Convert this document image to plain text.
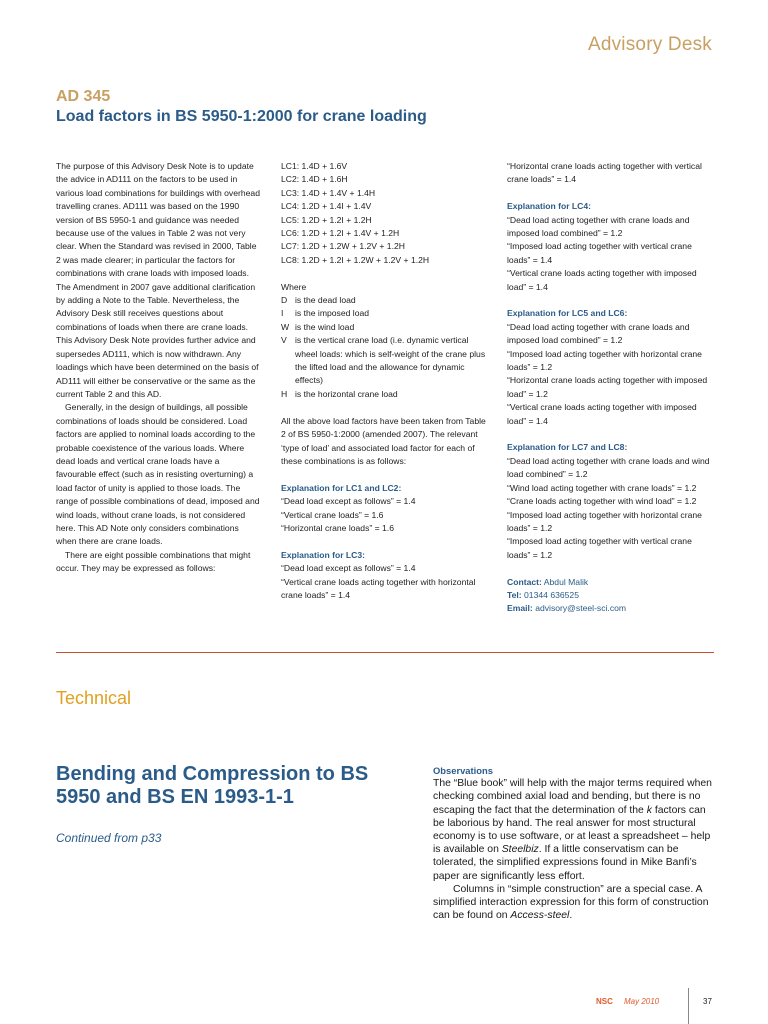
Advisory Desk
AD 345
Load factors in BS 5950-1:2000 for crane loading

The purpose of this Advisory Desk Note is to update the advice in AD111 on the factors to be used in various load combinations for buildings with overhead travelling cranes. AD111 was based on the 1990 version of BS 5950-1 and guidance was needed because use of the values in Table 2 was not very clear. When the Standard was revised in 2000, Table 2 was made clearer; in particular the factors for combinations with crane loads with imposed loads. The Amendment in 2007 gave additional clarification by adding a Note to the Table. Nevertheless, the Advisory Desk still receives questions about combinations of loads when there are crane loads. This Advisory Desk Note provides further advice and supersedes AD111, which is now withdrawn. Any loadings which have been determined on the basis of AD111 will either be conservative or the same as the current Table 2 and this AD.

Generally, in the design of buildings, all possible combinations of loads should be considered. Load factors are applied to nominal loads according to the probable coexistence of the various loads. Where dead loads and vertical crane loads have a favourable effect (such as in resisting overturning) a load factor of unity is applied to those loads. The range of possible combinations of dead, imposed and wind loads, without crane loads, is not considered here. This AD Note only considers combinations when there are crane loads.

There are eight possible combinations that might occur. They may be expressed as follows:

LC1: 1.4D + 1.6V

LC2: 1.4D + 1.6H

LC3: 1.4D + 1.4V + 1.4H

LC4: 1.2D + 1.4I + 1.4V

LC5: 1.2D + 1.2I + 1.2H

LC6: 1.2D + 1.2I + 1.4V + 1.2H

LC7: 1.2D + 1.2W + 1.2V + 1.2H

LC8: 1.2D + 1.2I + 1.2W + 1.2V + 1.2H

Where

D is the dead load
I	is the imposed load
W is the wind load
V is the vertical crane load (i.e. dynamic vertical wheel loads: which is self-weight of the crane plus the lifted load and the allowance for dynamic effects)
H is the horizontal crane load

All the above load factors have been taken from Table 2 of BS 5950-1:2000 (amended 2007). The relevant ‘type of load’ and associated load factor for each of these combinations is as follows:

Explanation for LC1 and LC2:

“Dead load except as follows” = 1.4

“Vertical crane loads” = 1.6

“Horizontal crane loads” = 1.6

Explanation for LC3:

“Dead load except as follows” = 1.4

“Vertical crane loads acting together with horizontal crane loads” = 1.4

“Horizontal crane loads acting together with vertical crane loads” = 1.4

Explanation for LC4:

“Dead load acting together with crane loads and imposed load combined” = 1.2

“Imposed load acting together with vertical crane loads” = 1.4

“Vertical crane loads acting together with imposed load” = 1.4

Explanation for LC5 and LC6:

“Dead load acting together with crane loads and imposed load combined” = 1.2

“Imposed load acting together with horizontal crane loads” = 1.2

“Horizontal crane loads acting together with imposed load” = 1.2

“Vertical crane loads acting together with imposed load” = 1.4

Explanation for LC7 and LC8:

“Dead load acting together with crane loads and wind load combined” = 1.2

“Wind load acting together with crane loads” = 1.2

“Crane loads acting together with wind load” = 1.2

“Imposed load acting together with horizontal crane loads” = 1.2

“Imposed load acting together with vertical crane loads” = 1.2

Contact: Abdul Malik

Tel: 01344 636525

Email: advisory@steel-sci.com

Technical
Bending and Compression to BS 5950 and BS EN 1993-1-1
Continued from p33

Observations

The “Blue book” will help with the major terms required when checking combined axial load and bending, but there is no escaping the fact that the determination of the k factors can be laborious by hand. The real answer for most structural economy is to use software, or at least a spreadsheet – help is available on Steelbiz. If a little conservatism can be tolerated, the simplified expressions found in Mike Banfi’s paper are significantly less effort.

Columns in “simple construction” are a special case. A simplified interaction expression for this form of construction can be found on Access-steel.

NSC May 2010	37
